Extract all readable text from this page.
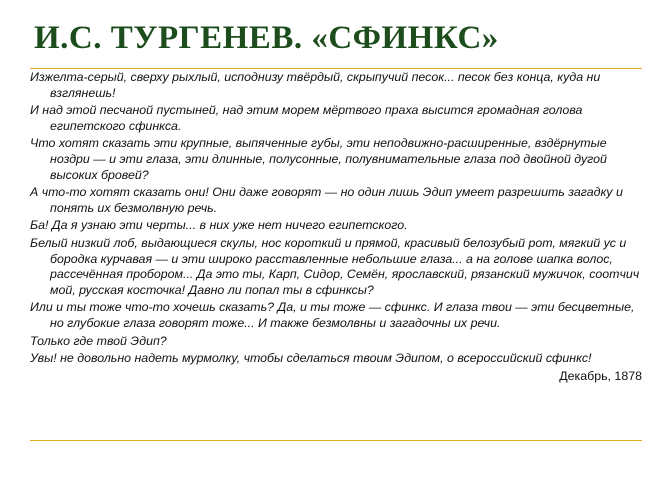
И.С. ТУРГЕНЕВ. «СФИНКС»

Изжелта-серый, сверху рыхлый, исподнизу твёрдый, скрыпучий песок... песок без конца, куда ни взглянешь!

И над этой песчаной пустыней, над этим морем мёртвого праха высится громадная голова египетского сфинкса.

Что хотят сказать эти крупные, выпяченные губы, эти неподвижно-расширенные, вздёрнутые ноздри — и эти глаза, эти длинные, полусонные, полувнимательные глаза под двойной дугой высоких бровей?

А что-то хотят сказать они! Они даже говорят — но один лишь Эдип умеет разрешить загадку и понять их безмолвную речь.

Ба! Да я узнаю эти черты... в них уже нет ничего египетского.

Белый низкий лоб, выдающиеся скулы, нос короткий и прямой, красивый белозубый рот, мягкий ус и бородка курчавая — и эти широко расставленные небольшие глаза... а на голове шапка волос, рассечённая пробором... Да это ты, Карп, Сидор, Семён, ярославский, рязанский мужичок, соотчич мой, русская косточка! Давно ли попал ты в сфинксы?

Или и ты тоже что-то хочешь сказать? Да, и ты тоже — сфинкс. И глаза твои — эти бесцветные, но глубокие глаза говорят тоже... И также безмолвны и загадочны их речи.

Только где твой Эдип?

Увы! не довольно надеть мурмолку, чтобы сделаться твоим Эдипом, о всероссийский сфинкс!

Декабрь, 1878
